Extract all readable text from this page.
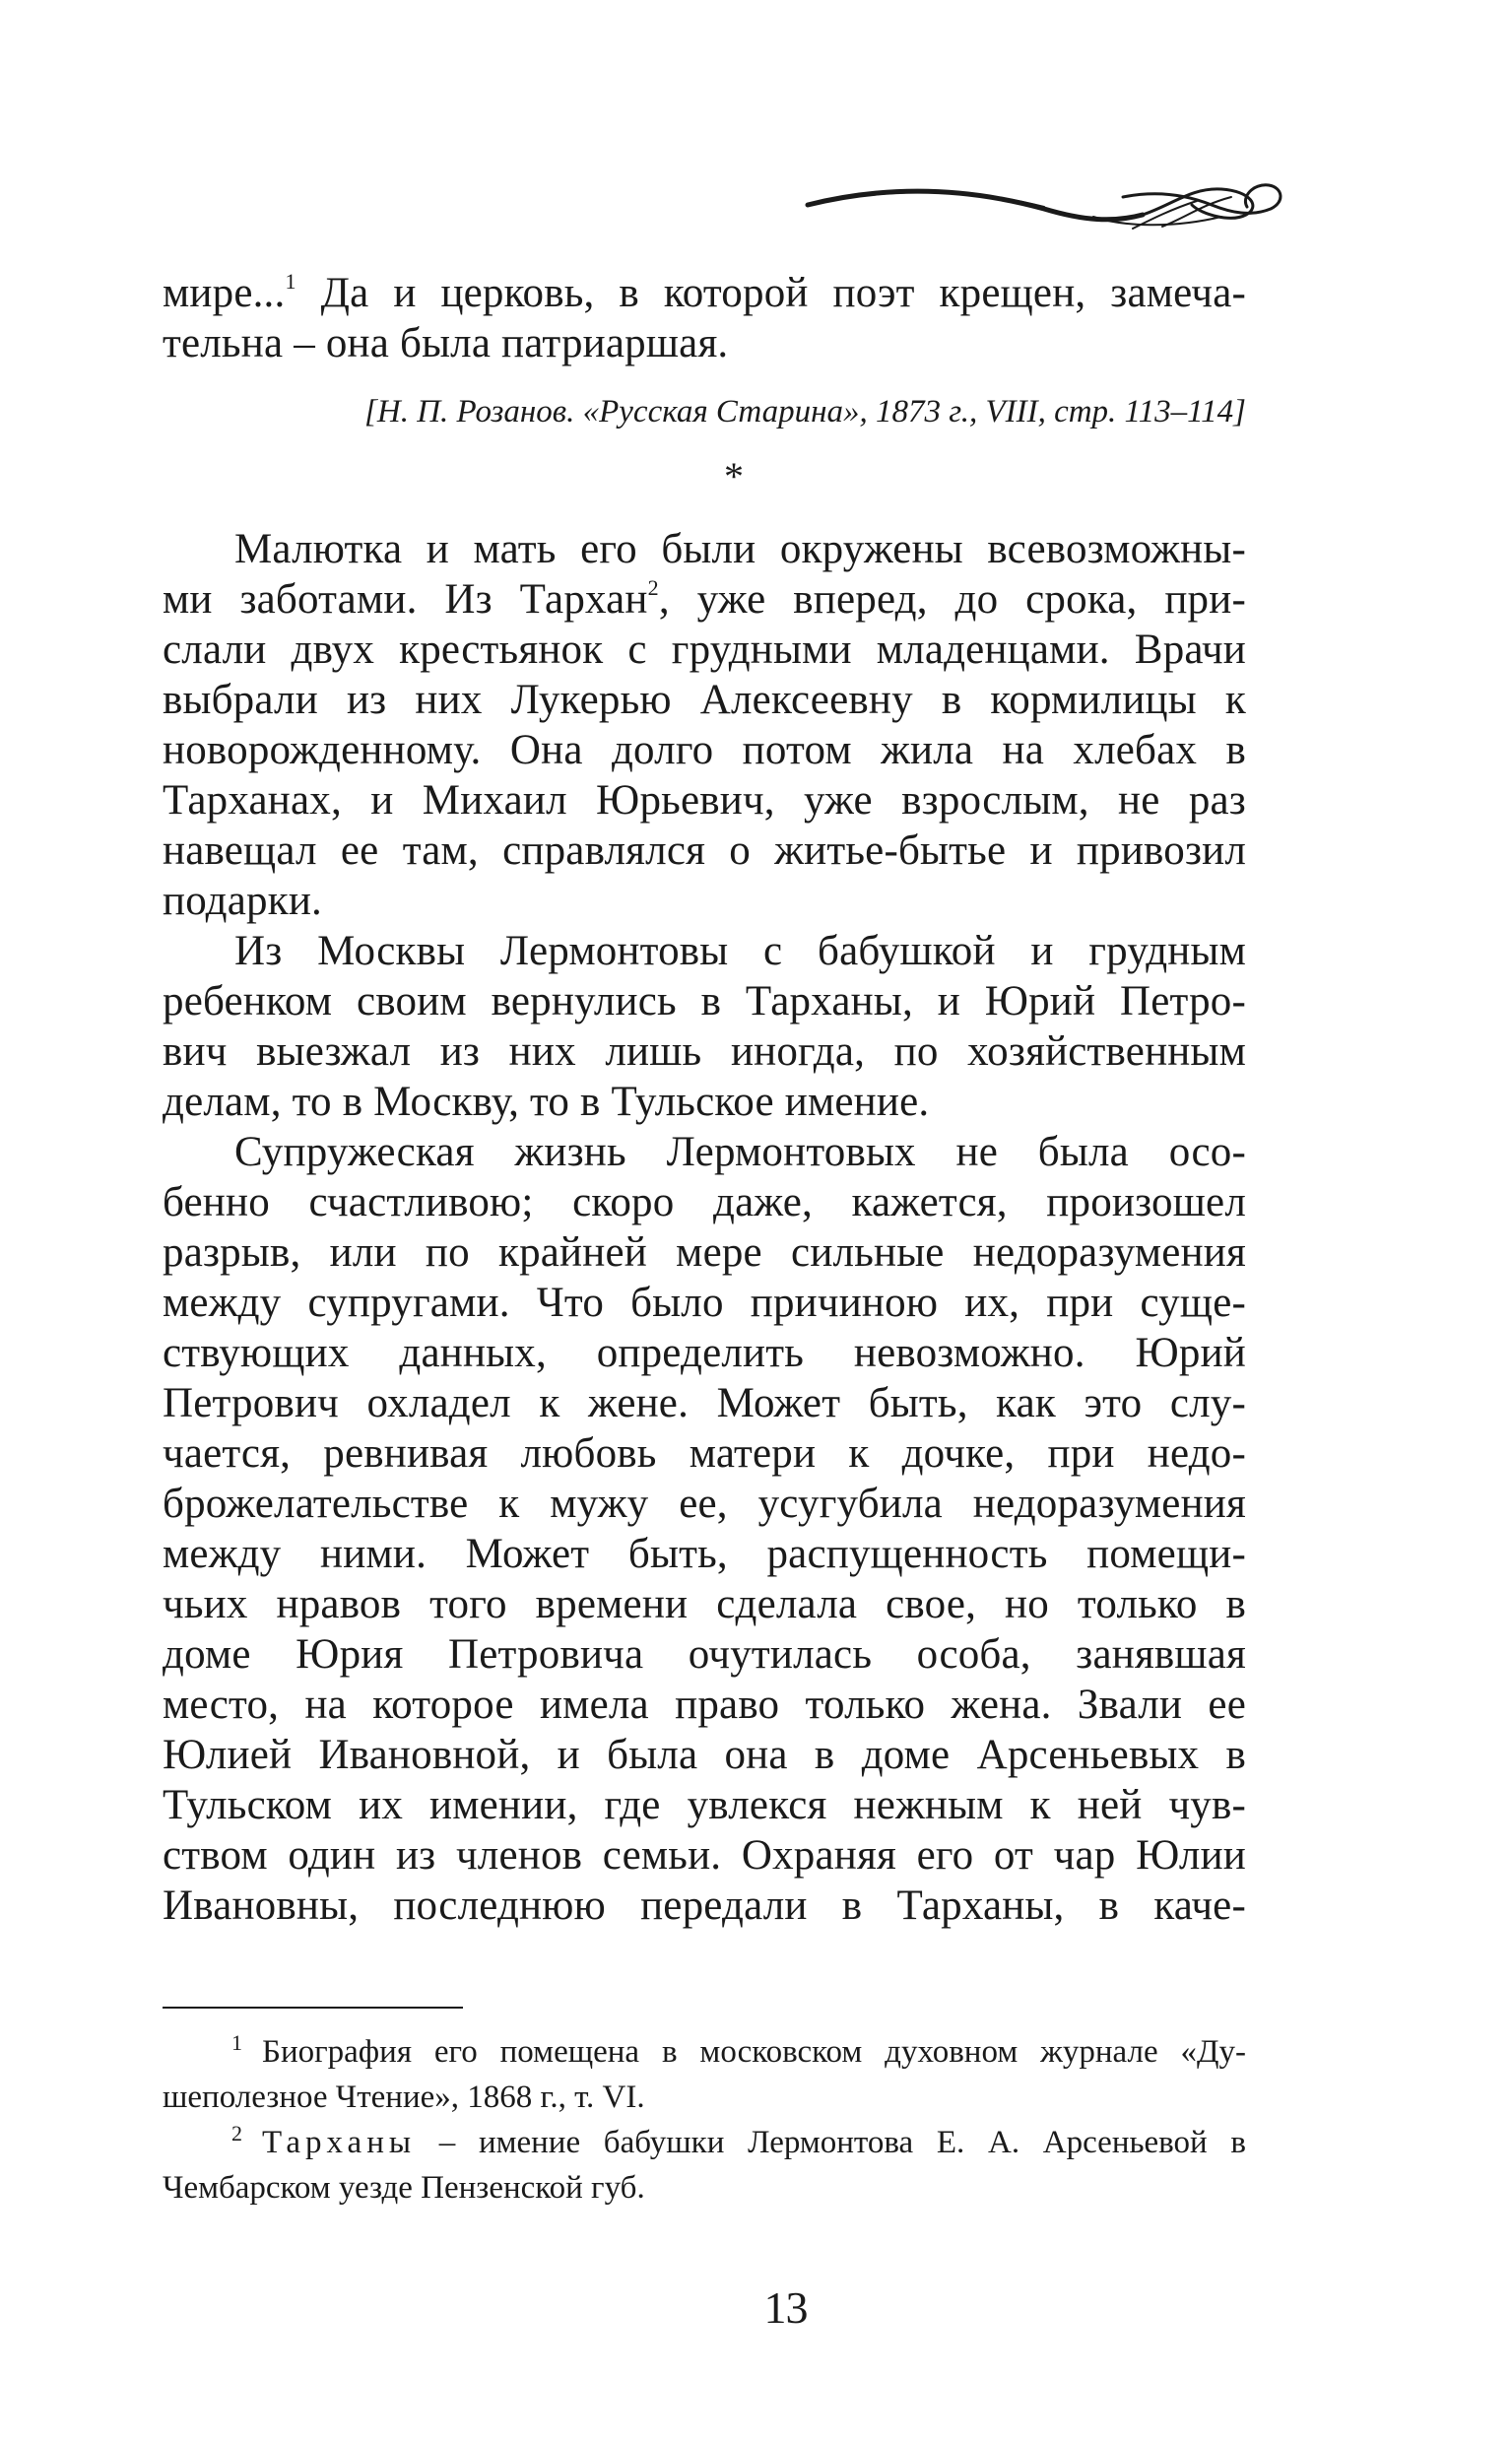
мире...$^1$ Да и церковь, в которой поэт крещен, замеча-
тельна – она была патриаршая.
[Н. П. Розанов. «Русская Старина», 1873 г., VIII, стр. 113–114]
*
Малютка и мать его были окружены всевозможны-
ми заботами. Из Тархан$^2$, уже вперед, до срока, при-
слали двух крестьянок с грудными младенцами. Врачи
выбрали из них Лукерью Алексеевну в кормилицы к
новорожденному. Она долго потом жила на хлебах в
Тарханах, и Михаил Юрьевич, уже взрослым, не раз
навещал ее там, справлялся о житье-бытье и привозил
подарки.
Из Москвы Лермонтовы с бабушкой и грудным
ребенком своим вернулись в Тарханы, и Юрий Петро-
вич выезжал из них лишь иногда, по хозяйственным
делам, то в Москву, то в Тульское имение.
Супружеская жизнь Лермонтовых не была осо-
бенно счастливою; скоро даже, кажется, произошел
разрыв, или по крайней мере сильные недоразумения
между супругами. Что было причиною их, при суще-
ствующих данных, определить невозможно. Юрий
Петрович охладел к жене. Может быть, как это слу-
чается, ревнивая любовь матери к дочке, при недо-
брожелательстве к мужу ее, усугубила недоразумения
между ними. Может быть, распущенность помещи-
чьих нравов того времени сделала свое, но только в
доме Юрия Петровича очутилась особа, занявшая
место, на которое имела право только жена. Звали ее
Юлией Ивановной, и была она в доме Арсеньевых в
Тульском их имении, где увлекся нежным к ней чув-
ством один из членов семьи. Охраняя его от чар Юлии
Ивановны, последнюю передали в Тарханы, в каче-
$^1$ Биография его помещена в московском духовном журнале «Ду-
шеполезное Чтение», 1868 г., т. VI.
$^2$ Тарханы – имение бабушки Лермонтова Е. А. Арсеньевой в
Чембарском уезде Пензенской губ.
13
